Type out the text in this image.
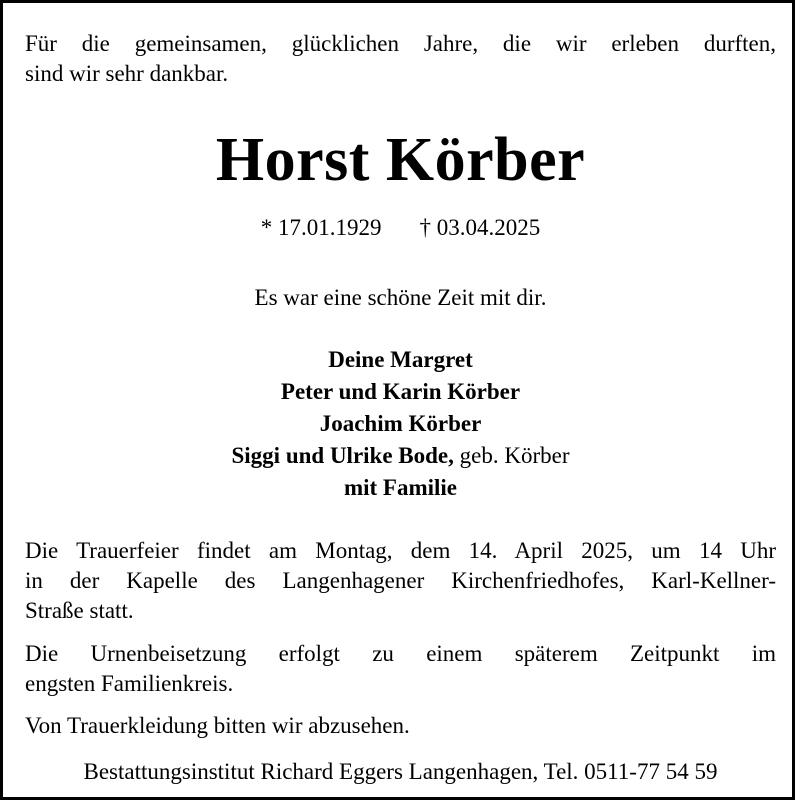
Für die gemeinsamen, glücklichen Jahre, die wir erleben durften,

sind wir sehr dankbar.

Horst Körber
* 17.01.1929 † 03.04.2025

Es war eine schöne Zeit mit dir.

Deine Margret

Peter und Karin Körber

Joachim Körber

Siggi und Ulrike Bode, geb. Körber

mit Familie

Die Trauerfeier findet am Montag, dem 14. April 2025, um 14 Uhr

in der Kapelle des Langenhagener Kirchenfriedhofes, Karl-Kellner-

Straße statt.

Die Urnenbeisetzung erfolgt zu einem späterem Zeitpunkt im

engsten Familienkreis.

Von Trauerkleidung bitten wir abzusehen.

Bestattungsinstitut Richard Eggers Langenhagen, Tel. 0511-77 54 59
